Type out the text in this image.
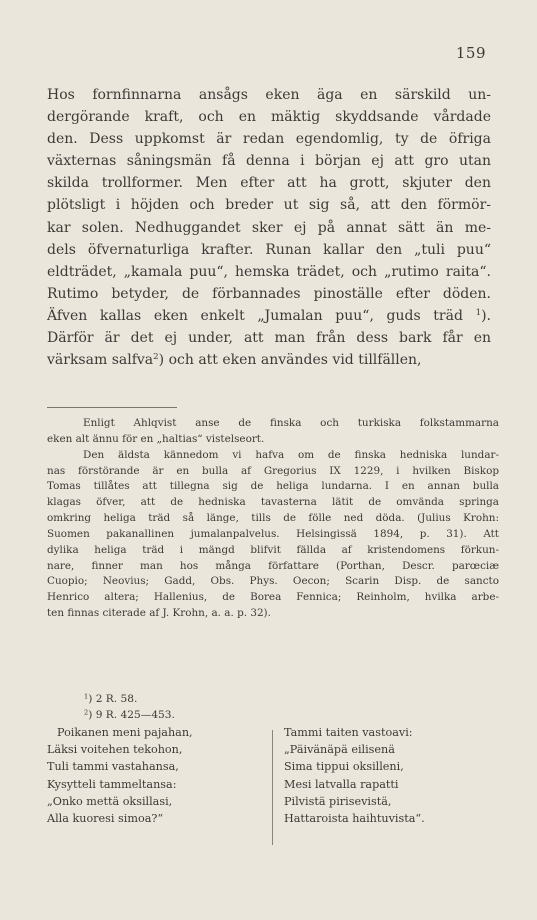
159
Hos fornfinnarna ansågs eken äga en särskild un-
dergörande kraft, och en mäktig skyddsande vårdade
den. Dess uppkomst är redan egendomlig, ty de öfriga
växternas såningsmän få denna i början ej att gro utan
skilda trollformer. Men efter att ha grott, skjuter den
plötsligt i höjden och breder ut sig så, att den förmör-
kar solen. Nedhuggandet sker ej på annat sätt än me-
dels öfvernaturliga krafter. Runan kallar den „tuli puu“
eldträdet, „kamala puu“, hemska trädet, och „rutimo raita“.
Rutimo betyder, de förbannades pinoställe efter döden.
Äfven kallas eken enkelt „Jumalan puu“, guds träd $^1$).
Därför är det ej under, att man från dess bark får en
värksam salfva$^2$) och att eken användes vid tillfällen,
Enligt Ahlqvist anse de finska och turkiska folkstammarna
eken alt ännu för en „haltias“ vistelseort.
Den äldsta kännedom vi hafva om de finska hedniska lundar-
nas förstörande är en bulla af Gregorius IX 1229, i hvilken Biskop
Tomas tillåtes att tillegna sig de heliga lundarna. I en annan bulla
klagas öfver, att de hedniska tavasterna lätit de omvända springa
omkring heliga träd så länge, tills de fölle ned döda. (Julius Krohn:
Suomen pakanallinen jumalanpalvelus. Helsingissä 1894, p. 31). Att
dylika heliga träd i mängd blifvit fällda af kristendomens förkun-
nare, finner man hos många författare (Porthan, Descr. parœciæ
Cuopio; Neovius; Gadd, Obs. Phys. Oecon; Scarin Disp. de sancto
Henrico altera; Hallenius, de Borea Fennica; Reinholm, hvilka arbe-
ten finnas citerade af J. Krohn, a. a. p. 32).
$^1$) 2 R. 58.
$^2$) 9 R. 425—453.
Poikanen meni pajahan,
Läksi voitehen tekohon,
Tuli tammi vastahansa,
Kysytteli tammeltansa:
„Onko mettä oksillasi,
Alla kuoresi simoa?“
Tammi taiten vastoavi:
„Päivänäpä eilisenä
Sima tippui oksilleni,
Mesi latvalla rapatti
Pilvistä pirisevistä,
Hattaroista haihtuvista“.
